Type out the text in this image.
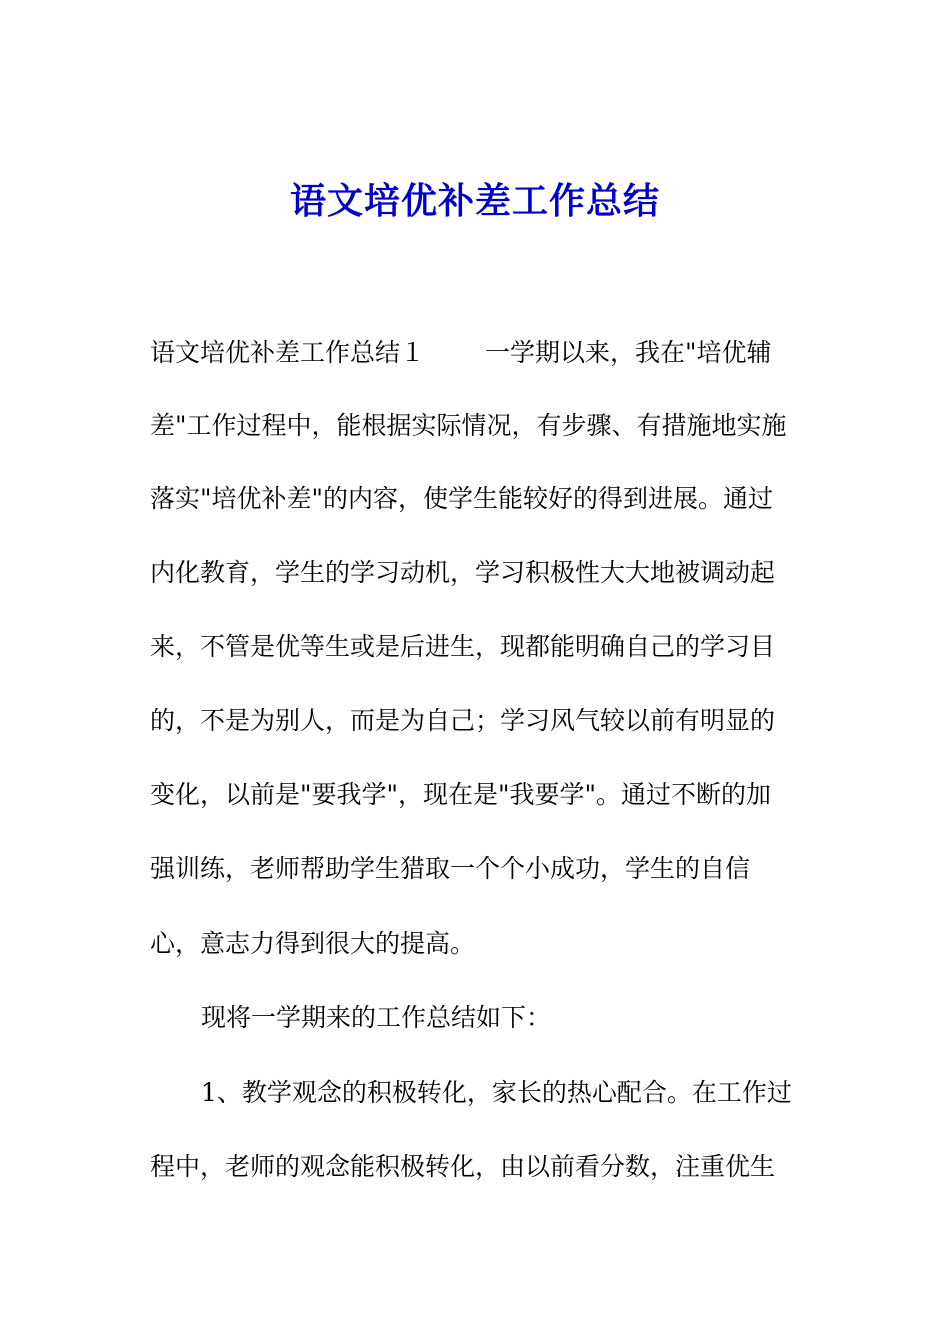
语文培优补差工作总结
语文培优补差工作总结１ 一学期以来，我在"培优辅
差"工作过程中，能根据实际情况，有步骤、有措施地实施
落实"培优补差"的内容，使学生能较好的得到进展。通过
内化教育，学生的学习动机，学习积极性大大地被调动起
来，不管是优等生或是后进生，现都能明确自己的学习目
的，不是为别人，而是为自己；学习风气较以前有明显的
变化，以前是"要我学"，现在是"我要学"。通过不断的加
强训练，老师帮助学生猎取一个个小成功，学生的自信
心，意志力得到很大的提高。
现将一学期来的工作总结如下：
1、教学观念的积极转化，家长的热心配合。在工作过
程中，老师的观念能积极转化，由以前看分数，注重优生
